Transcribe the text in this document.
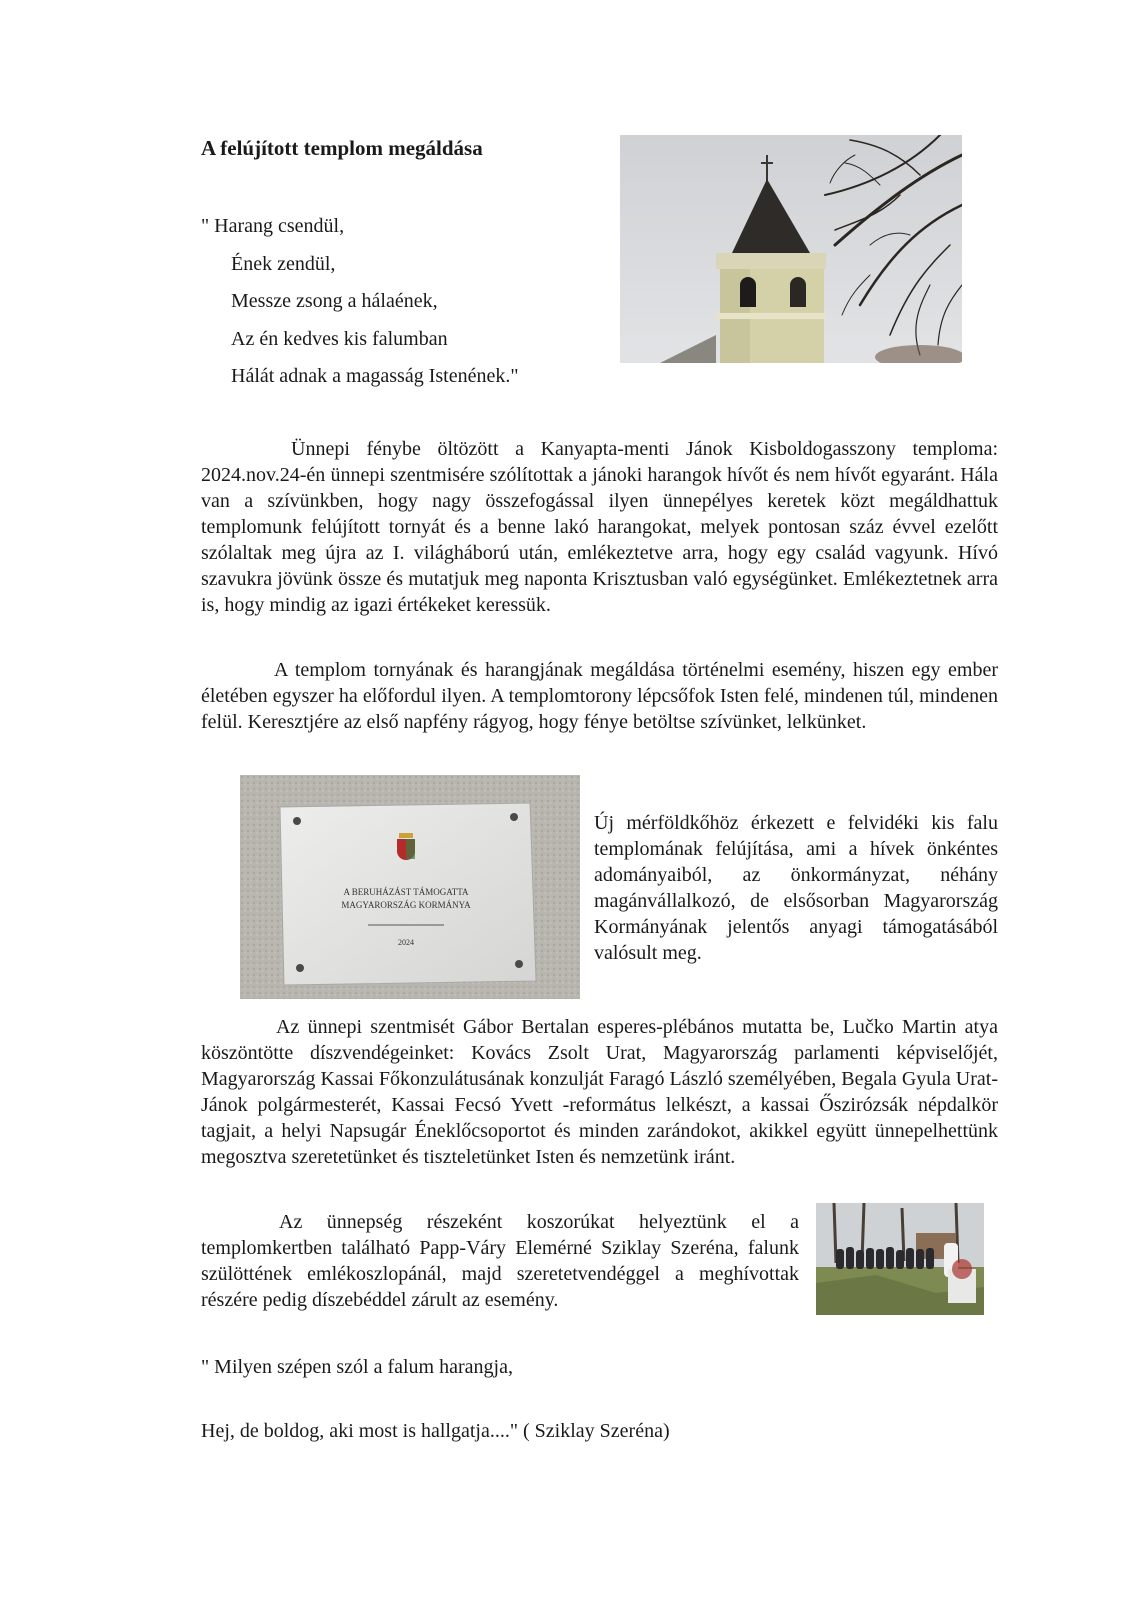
A felújított templom megáldása
" Harang csendül,
Ének zendül,
Messze zsong a hálaének,
Az én kedves kis falumban
Hálát adnak a magasság Istenének."

Ünnepi fénybe öltözött a Kanyapta-menti Jánok Kisboldogasszony temploma: 2024.nov.24-én ünnepi szentmisére szólítottak a jánoki harangok hívőt és nem hívőt egyaránt. Hála van a szívünkben, hogy nagy összefogással ilyen ünnepélyes keretek közt megáldhattuk templomunk felújított tornyát és a benne lakó harangokat, melyek pontosan száz évvel ezelőtt szólaltak meg újra az I. világháború után, emlékeztetve arra, hogy egy család vagyunk. Hívó szavukra jövünk össze és mutatjuk meg naponta Krisztusban való egységünket. Emlékeztetnek arra is, hogy mindig az igazi értékeket keressük.

A templom tornyának és harangjának megáldása történelmi esemény, hiszen egy ember életében egyszer ha előfordul ilyen. A templomtorony lépcsőfok Isten felé, mindenen túl, mindenen felül. Keresztjére az első napfény rágyog, hogy fénye betöltse szívünket, lelkünket.

A BERUHÁZÁST TÁMOGATTA
MAGYARORSZÁG KORMÁNYA
2024

Új mérföldkőhöz érkezett e felvidéki kis falu templomának felújítása, ami a hívek önkéntes adományaiból, az önkormányzat, néhány magánvállalkozó, de elsősorban Magyarország Kormányának jelentős anyagi támogatásából valósult meg.

Az ünnepi szentmisét Gábor Bertalan esperes-plébános mutatta be, Lučko Martin atya köszöntötte díszvendégeinket: Kovács Zsolt Urat, Magyarország parlamenti képviselőjét, Magyarország Kassai Főkonzulátusának konzulját Faragó László személyében, Begala Gyula Urat- Jánok polgármesterét, Kassai Fecsó Yvett -református lelkészt, a kassai Őszirózsák népdalkör tagjait, a helyi Napsugár Éneklőcsoportot és minden zarándokot, akikkel együtt ünnepelhettünk megosztva szeretetünket és tiszteletünket Isten és nemzetünk iránt.

Az ünnepség részeként koszorúkat helyeztünk el a templomkertben található Papp-Váry Elemérné Sziklay Szeréna, falunk szülöttének emlékoszlopánál, majd szeretetvendéggel a meghívottak részére pedig díszebéddel zárult az esemény.

" Milyen szépen szól a falum harangja,
Hej, de boldog, aki most is hallgatja...." ( Sziklay Szeréna)
